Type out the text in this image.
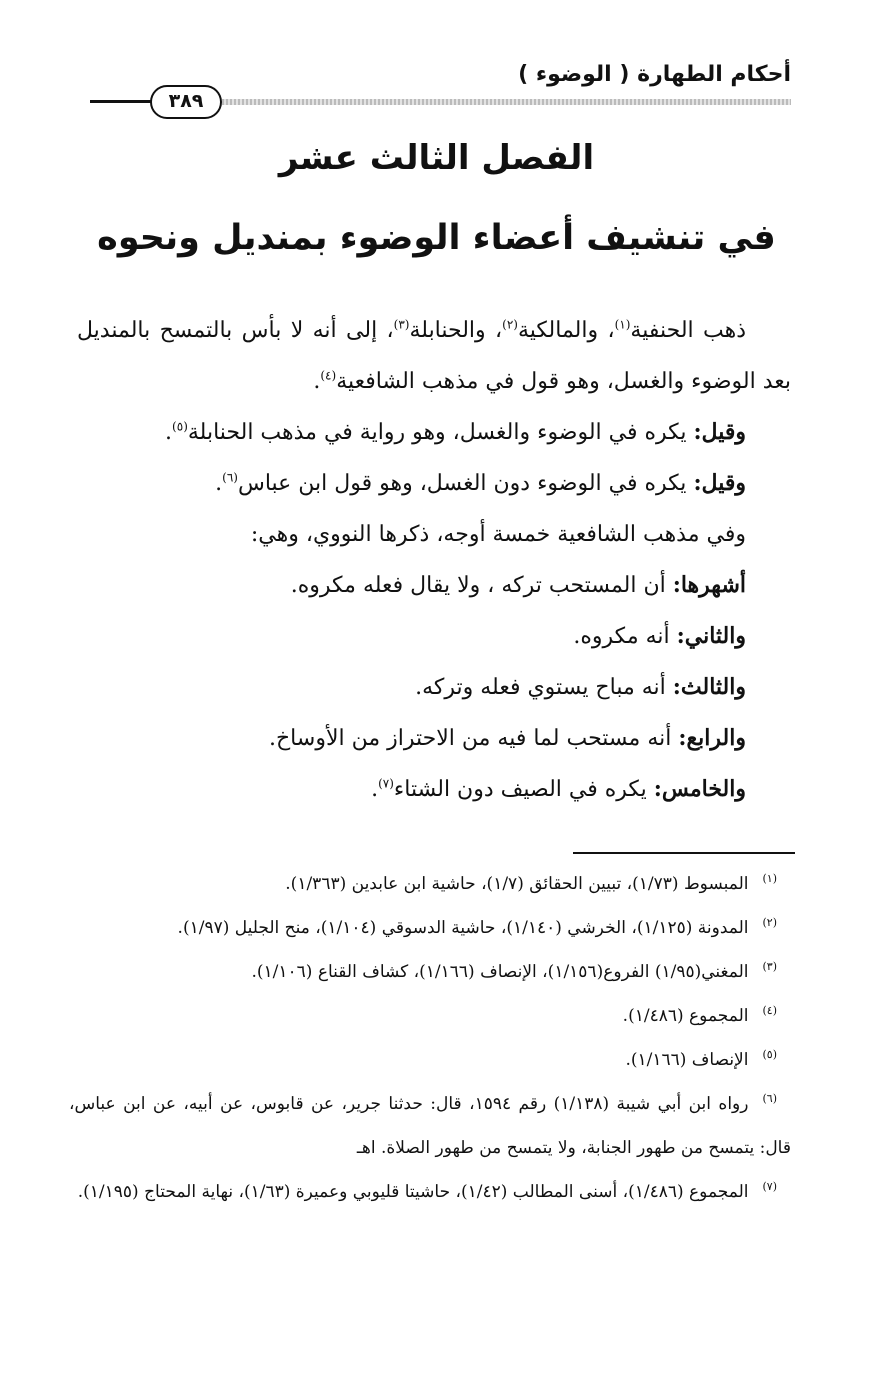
أحكام الطهارة ( الوضوء )
٣٨٩
الفصل الثالث عشر
في تنشيف أعضاء الوضوء بمنديل ونحوه

ذهب الحنفية$^{(١)}$، والمالكية$^{(٢)}$، والحنابلة$^{(٣)}$، إلى أنه لا بأس بالتمسح بالمنديل بعد الوضوء والغسل، وهو قول في مذهب الشافعية$^{(٤)}$.

وقيل: يكره في الوضوء والغسل، وهو رواية في مذهب الحنابلة$^{(٥)}$.

وقيل: يكره في الوضوء دون الغسل، وهو قول ابن عباس$^{(٦)}$.

وفي مذهب الشافعية خمسة أوجه، ذكرها النووي، وهي:

أشهرها: أن المستحب تركه ، ولا يقال فعله مكروه.

والثاني: أنه مكروه.

والثالث: أنه مباح يستوي فعله وتركه.

والرابع: أنه مستحب لما فيه من الاحتراز من الأوساخ.

والخامس: يكره في الصيف دون الشتاء$^{(٧)}$.

$^{(١)}$المبسوط (١/٧٣)، تبيين الحقائق (١/٧)، حاشية ابن عابدين (١/٣٦٣).

$^{(٢)}$المدونة (١/١٢٥)، الخرشي (١/١٤٠)، حاشية الدسوقي (١/١٠٤)، منح الجليل (١/٩٧).

$^{(٣)}$المغني(١/٩٥) الفروع(١/١٥٦)، الإنصاف (١/١٦٦)، كشاف القناع (١/١٠٦).

$^{(٤)}$المجموع (١/٤٨٦).

$^{(٥)}$الإنصاف (١/١٦٦).

$^{(٦)}$رواه ابن أبي شيبة (١/١٣٨) رقم ١٥٩٤، قال: حدثنا جرير، عن قابوس، عن أبيه، عن ابن عباس، قال: يتمسح من طهور الجنابة، ولا يتمسح من طهور الصلاة. اهـ

$^{(٧)}$المجموع (١/٤٨٦)، أسنى المطالب (١/٤٢)، حاشيتا قليوبي وعميرة (١/٦٣)، نهاية المحتاج (١/١٩٥).
